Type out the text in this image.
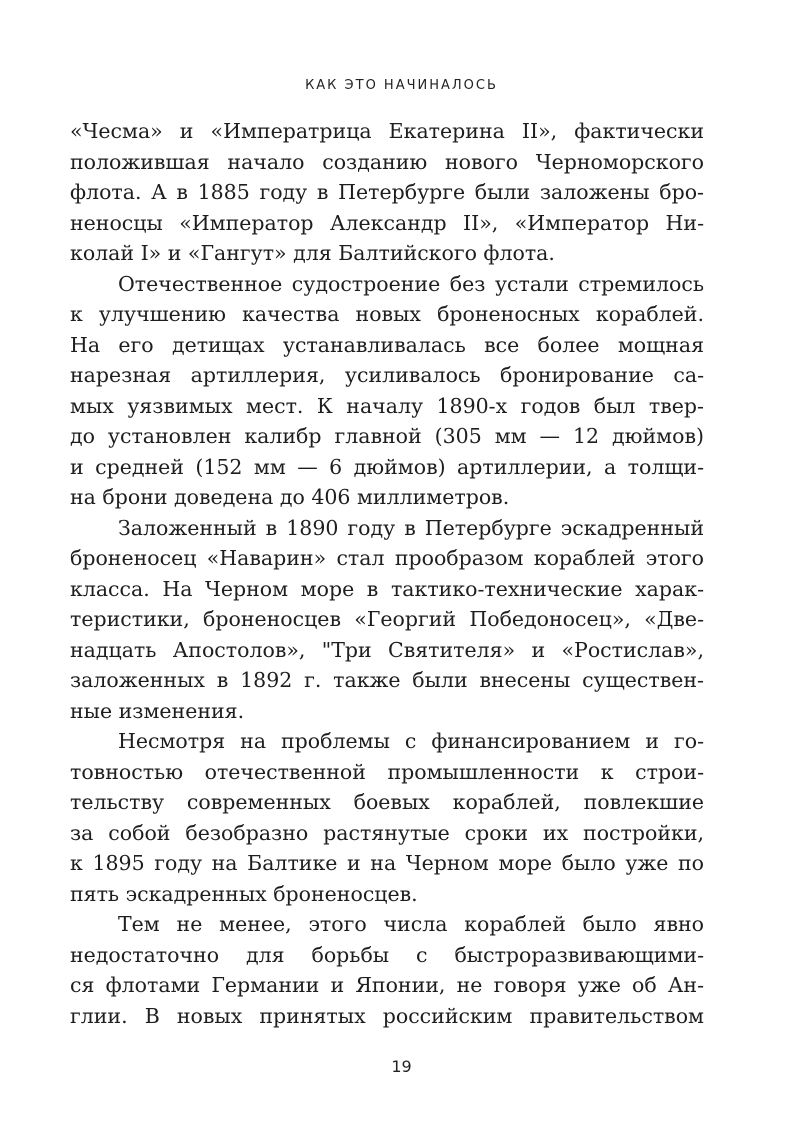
КАК ЭТО НАЧИНАЛОСЬ
«Чесма» и «Императрица Екатерина II», фактически
положившая начало созданию нового Черноморского
флота. А в 1885 году в Петербурге были заложены бро-
неносцы «Император Александр II», «Император Ни-
колай I» и «Гангут» для Балтийского флота.
Отечественное судостроение без устали стремилось
к улучшению качества новых броненосных кораблей.
На его детищах устанавливалась все более мощная
нарезная артиллерия, усиливалось бронирование са-
мых уязвимых мест. К началу 1890-х годов был твер-
до установлен калибр главной (305 мм — 12 дюймов)
и средней (152 мм — 6 дюймов) артиллерии, а толщи-
на брони доведена до 406 миллиметров.
Заложенный в 1890 году в Петербурге эскадренный
броненосец «Наварин» стал прообразом кораблей этого
класса. На Черном море в тактико-технические харак-
теристики, броненосцев «Георгий Победоносец», «Две-
надцать Апостолов», "Три Святителя» и «Ростислав»,
заложенных в 1892 г. также были внесены существен-
ные изменения.
Несмотря на проблемы с финансированием и го-
товностью отечественной промышленности к строи-
тельству современных боевых кораблей, повлекшие
за собой безобразно растянутые сроки их постройки,
к 1895 году на Балтике и на Черном море было уже по
пять эскадренных броненосцев.
Тем не менее, этого числа кораблей было явно
недостаточно для борьбы с быстроразвивающими-
ся флотами Германии и Японии, не говоря уже об Ан-
глии. В новых принятых российским правительством
19
